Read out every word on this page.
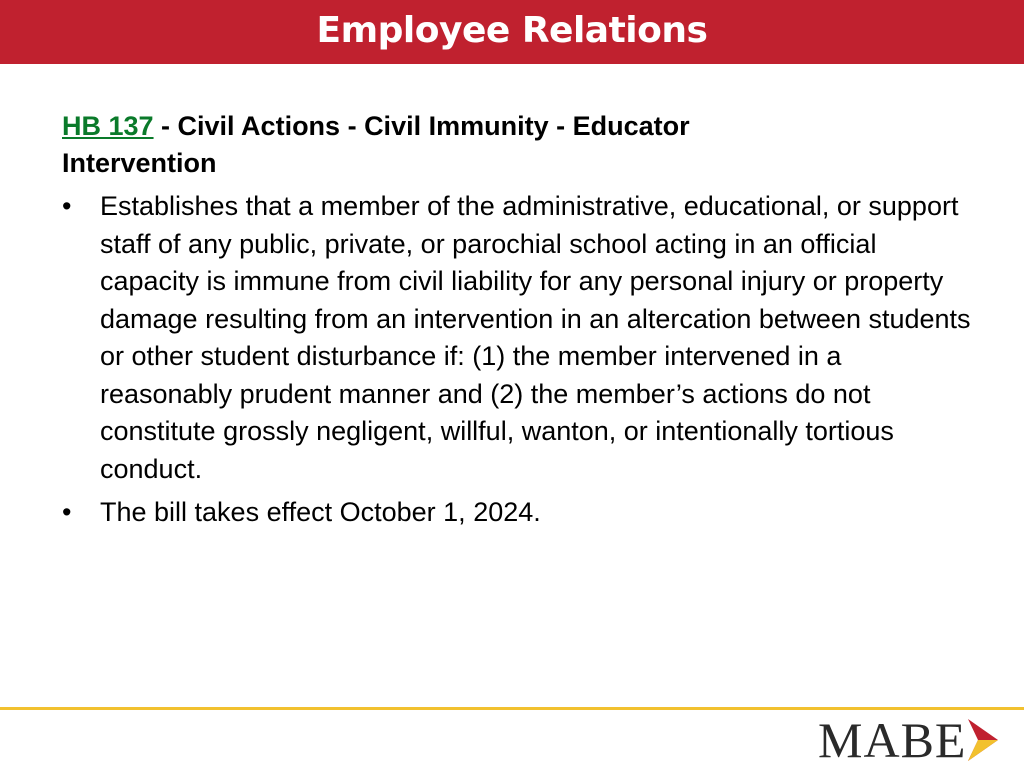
Employee Relations

HB 137 - Civil Actions - Civil Immunity - Educator Intervention

• Establishes that a member of the administrative, educational, or support staff of any public, private, or parochial school acting in an official capacity is immune from civil liability for any personal injury or property damage resulting from an intervention in an altercation between students or other student disturbance if: (1) the member intervened in a reasonably prudent manner and (2) the member’s actions do not constitute grossly negligent, willful, wanton, or intentionally tortious conduct.
• The bill takes effect October 1, 2024.
MABE
